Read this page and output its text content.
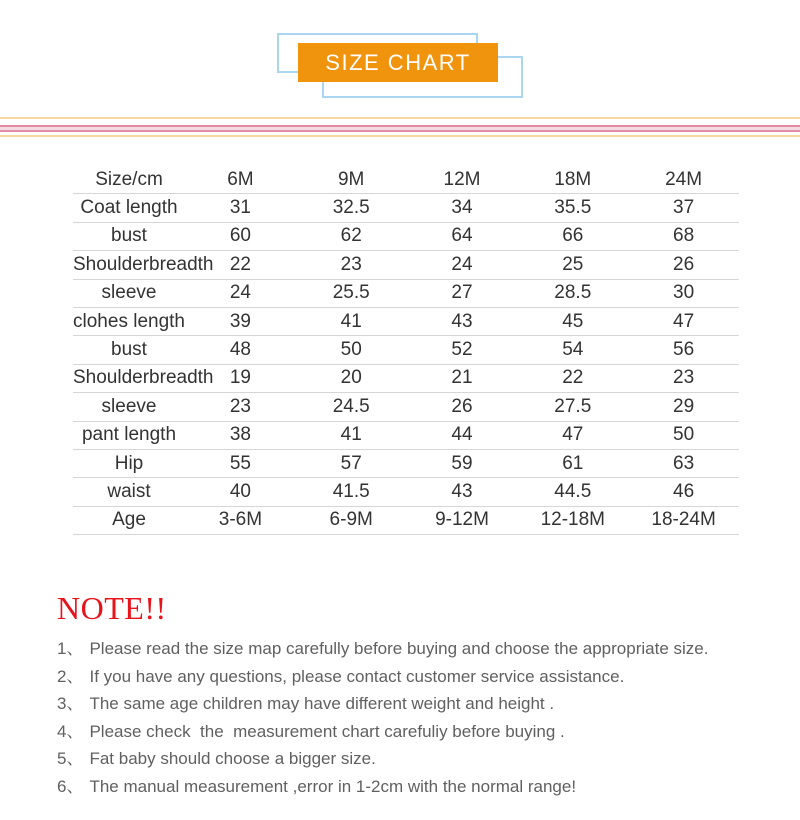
SIZE CHART
Size/cm	6M	9M	12M	18M	24M
Coat length	31	32.5	34	35.5	37
bust	60	62	64	66	68
Shoulderbreadth	22	23	24	25	26
sleeve	24	25.5	27	28.5	30
clohes length	39	41	43	45	47
bust	48	50	52	54	56
Shoulderbreadth	19	20	21	22	23
sleeve	23	24.5	26	27.5	29
pant length	38	41	44	47	50
Hip	55	57	59	61	63
waist	40	41.5	43	44.5	46
Age	3-6M	6-9M	9-12M	12-18M	18-24M
NOTE!!
1、 Please read the size map carefully before buying and choose the appropriate size.
2、 If you have any questions, please contact customer service assistance.
3、 The same age children may have different weight and height .
4、 Please check  the  measurement chart carefuliy before buying .
5、 Fat baby should choose a bigger size.
6、 The manual measurement ,error in 1-2cm with the normal range!
